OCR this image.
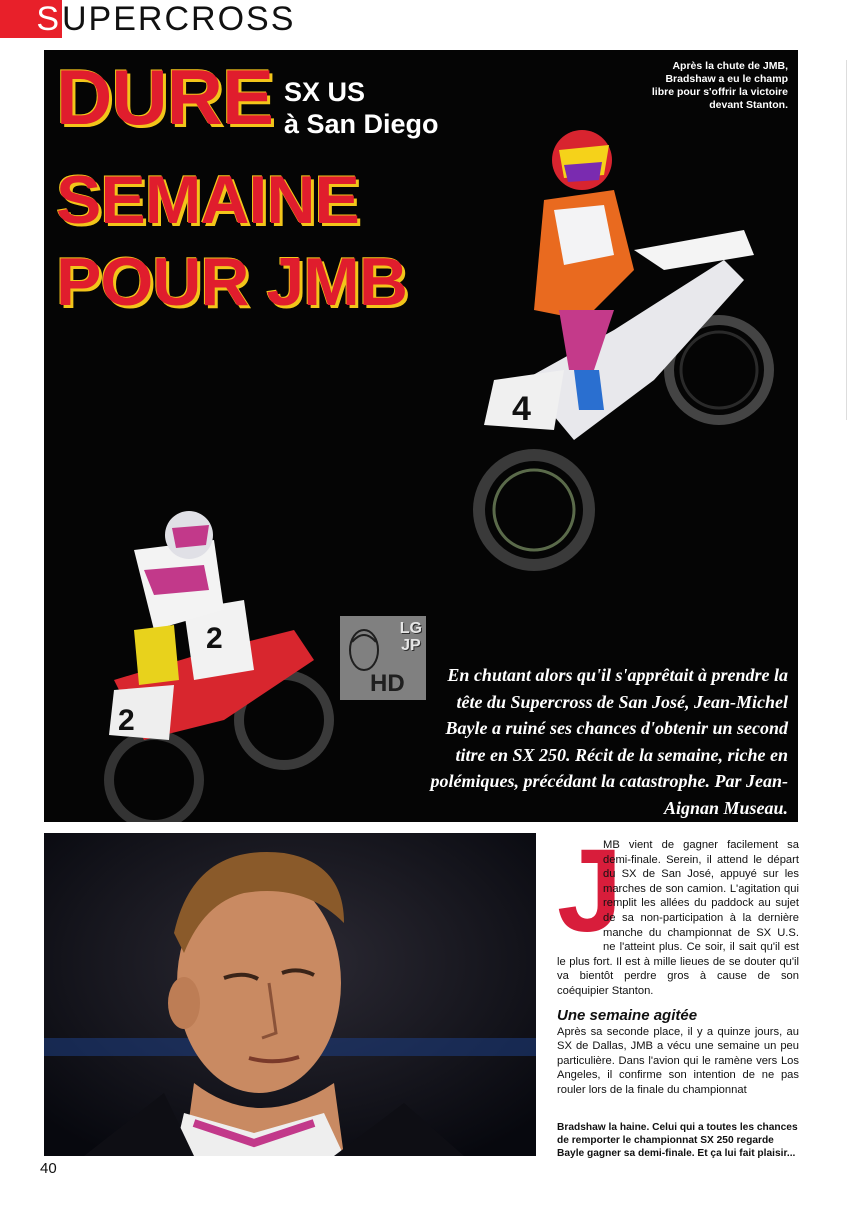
S UPERCROSS
4
2
2
DURE
SEMAINE
POUR JMB
SX US
à San Diego
Après la chute de JMB, Bradshaw a eu le champ libre pour s'offrir la victoire devant Stanton.
LG
JP
HD	En chutant alors qu'il s'apprêtait à prendre la tête du Supercross de San José, Jean-Michel Bayle a ruiné ses chances d'obtenir un second titre en SX 250. Récit de la semaine, riche en polémiques, précédant la catastrophe. Par Jean-Aignan Museau.
J

MB vient de gagner facilement sa demi-finale. Serein, il attend le départ du SX de San José, appuyé sur les marches de son camion. L'agitation qui remplit les allées du paddock au sujet de sa non-participation à la dernière manche du championnat de SX U.S. ne l'atteint plus. Ce soir, il sait qu'il est le plus fort. Il est à mille lieues de se douter qu'il va bientôt perdre gros à cause de son coéquipier Stanton.

Une semaine agitée

Après sa seconde place, il y a quinze jours, au SX de Dallas, JMB a vécu une semaine un peu particulière. Dans l'avion qui le ramène vers Los Angeles, il confirme son intention de ne pas rouler lors de la finale du championnat

Bradshaw la haine. Celui qui a toutes les chances de remporter le championnat SX 250 regarde Bayle gagner sa demi-finale. Et ça lui fait plaisir...
40
